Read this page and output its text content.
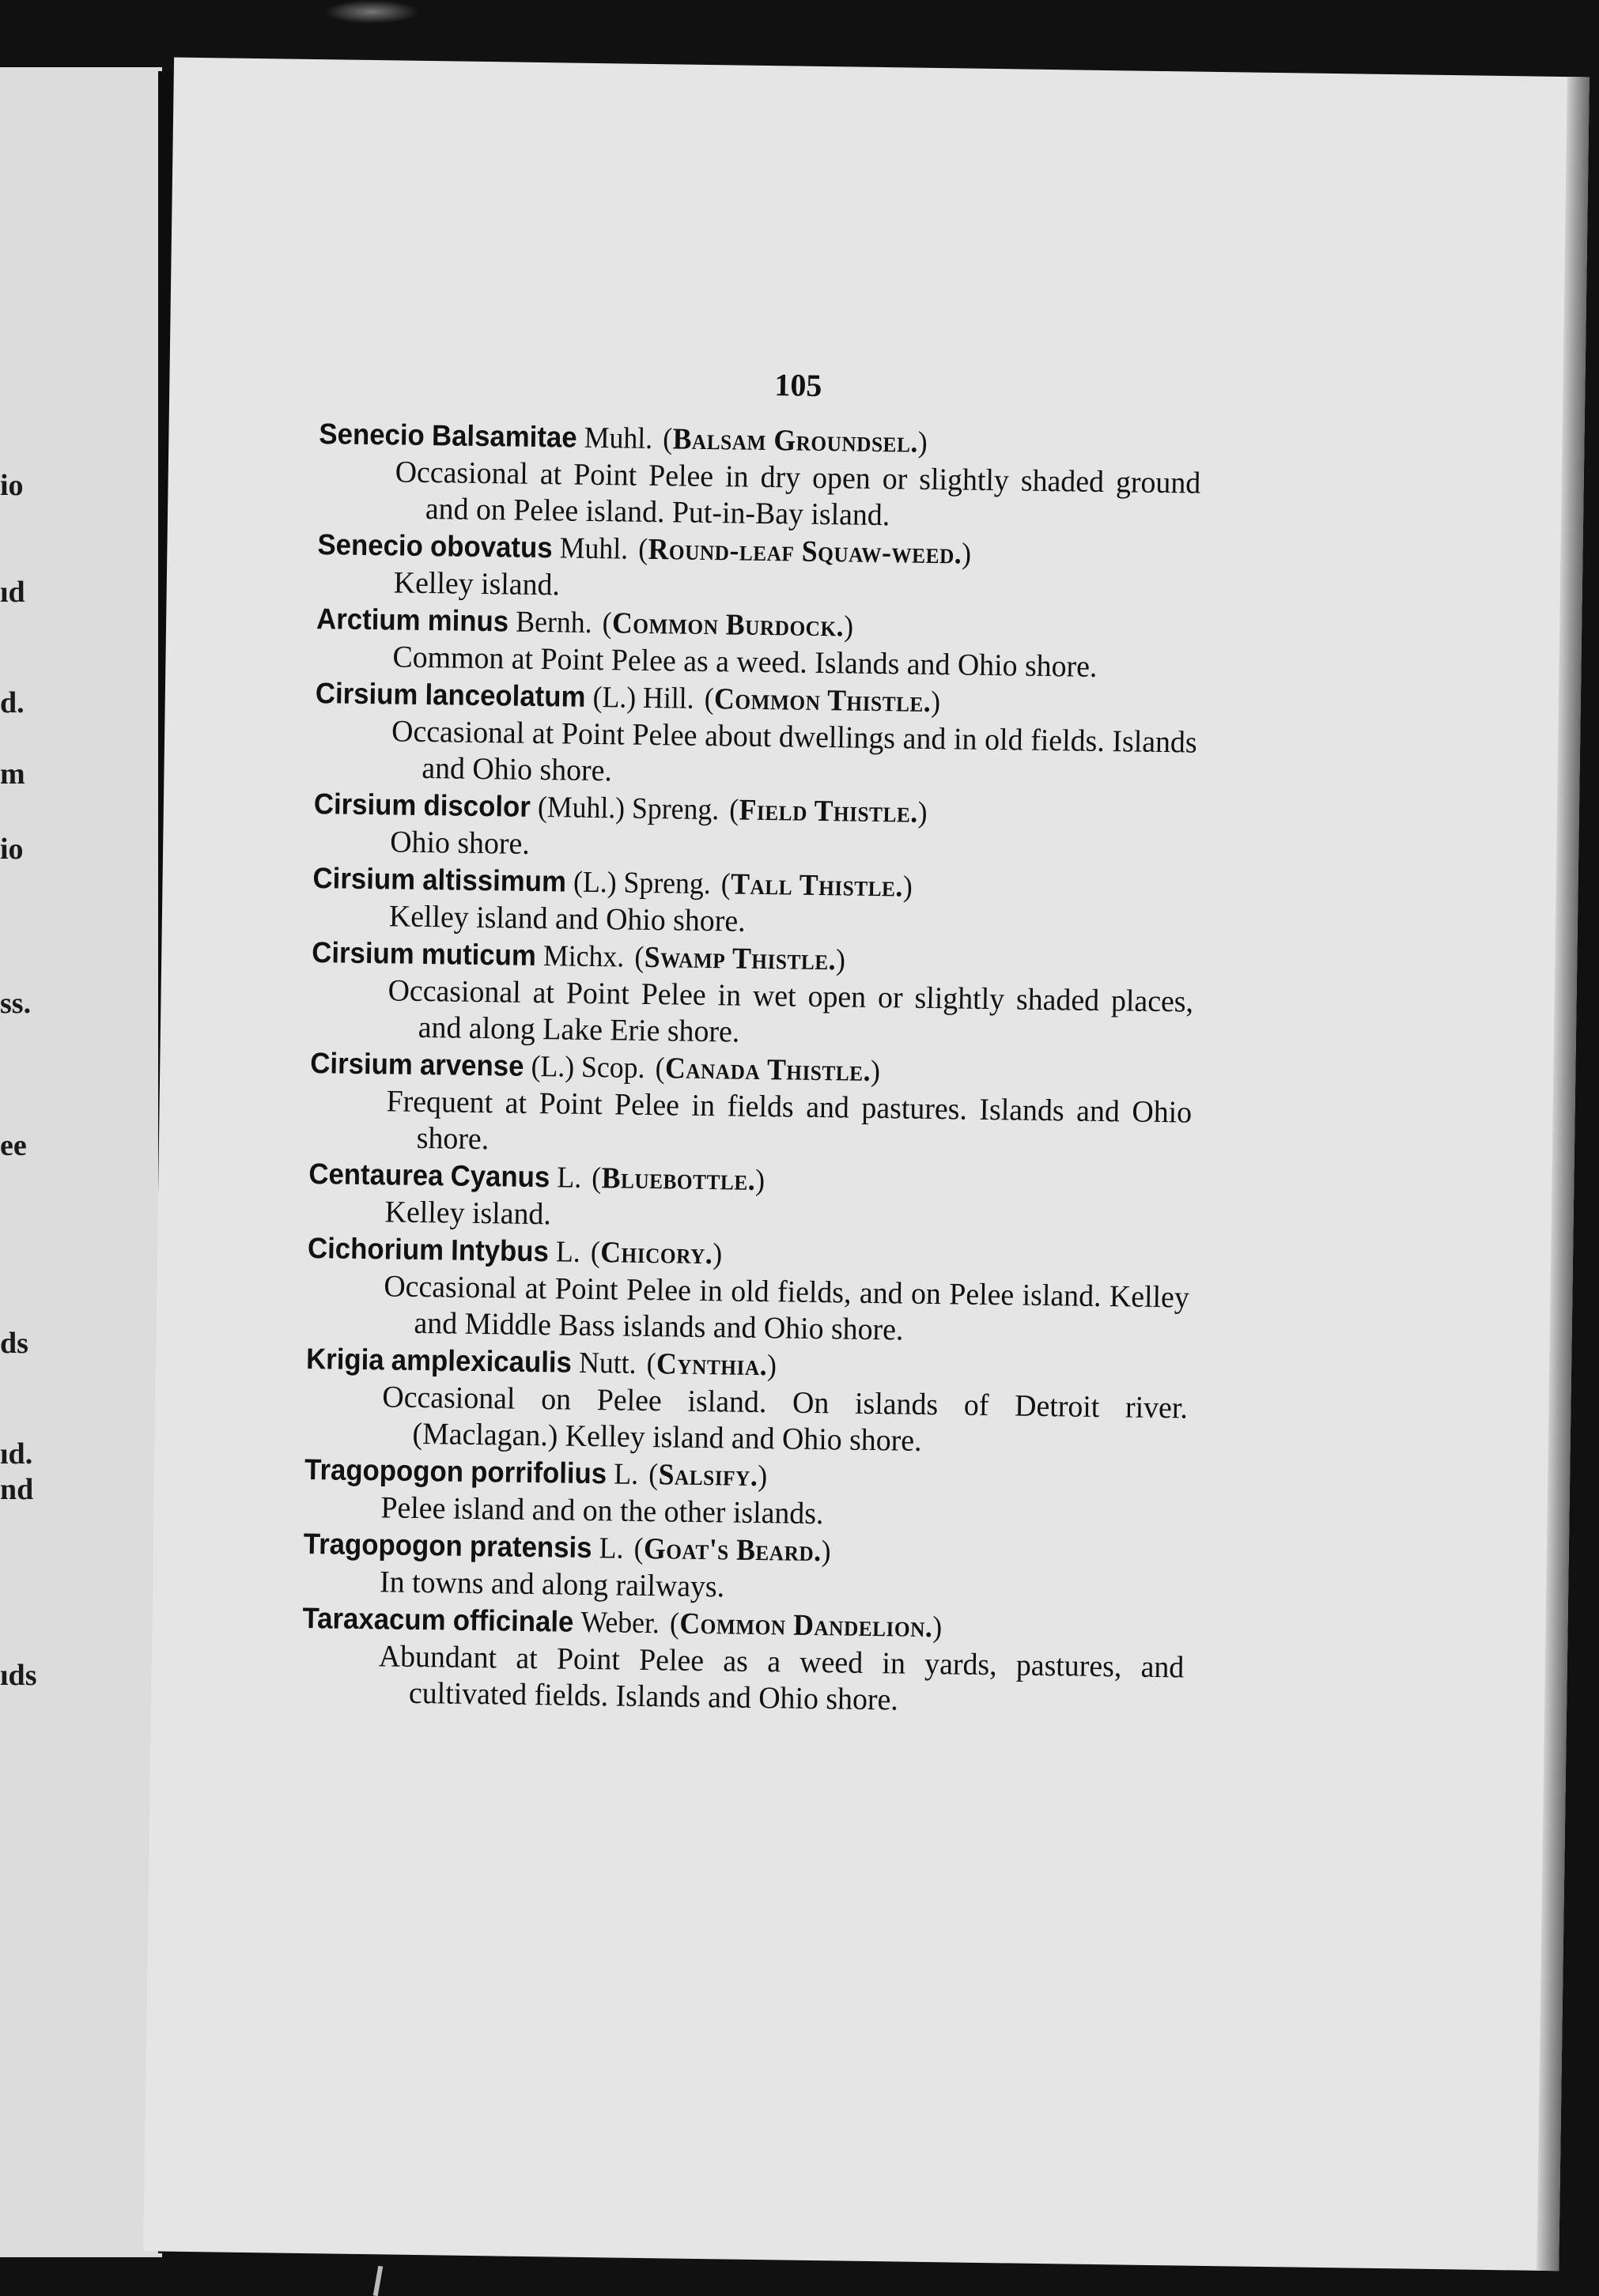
io
ıd
d.
m
io
ss.
ee
ds
ıd.
nd
ıds
105
Senecio Balsamitae Muhl. (Balsam Groundsel.)

Occasional at Point Pelee in dry open or slightly shaded ground and on Pelee island. Put-in-Bay island.

Senecio obovatus Muhl. (Round-leaf Squaw-weed.)

Kelley island.

Arctium minus Bernh. (Common Burdock.)

Common at Point Pelee as a weed. Islands and Ohio shore.

Cirsium lanceolatum (L.) Hill. (Common Thistle.)

Occasional at Point Pelee about dwellings and in old fields. Islands and Ohio shore.

Cirsium discolor (Muhl.) Spreng. (Field Thistle.)

Ohio shore.

Cirsium altissimum (L.) Spreng. (Tall Thistle.)

Kelley island and Ohio shore.

Cirsium muticum Michx. (Swamp Thistle.)

Occasional at Point Pelee in wet open or slightly shaded places, and along Lake Erie shore.

Cirsium arvense (L.) Scop. (Canada Thistle.)

Frequent at Point Pelee in fields and pastures. Islands and Ohio shore.

Centaurea Cyanus L. (Bluebottle.)

Kelley island.

Cichorium Intybus L. (Chicory.)

Occasional at Point Pelee in old fields, and on Pelee island. Kelley and Middle Bass islands and Ohio shore.

Krigia amplexicaulis Nutt. (Cynthia.)

Occasional on Pelee island. On islands of Detroit river. (Maclagan.) Kelley island and Ohio shore.

Tragopogon porrifolius L. (Salsify.)

Pelee island and on the other islands.

Tragopogon pratensis L. (Goat's Beard.)

In towns and along railways.

Taraxacum officinale Weber. (Common Dandelion.)

Abundant at Point Pelee as a weed in yards, pastures, and cultivated fields. Islands and Ohio shore.
